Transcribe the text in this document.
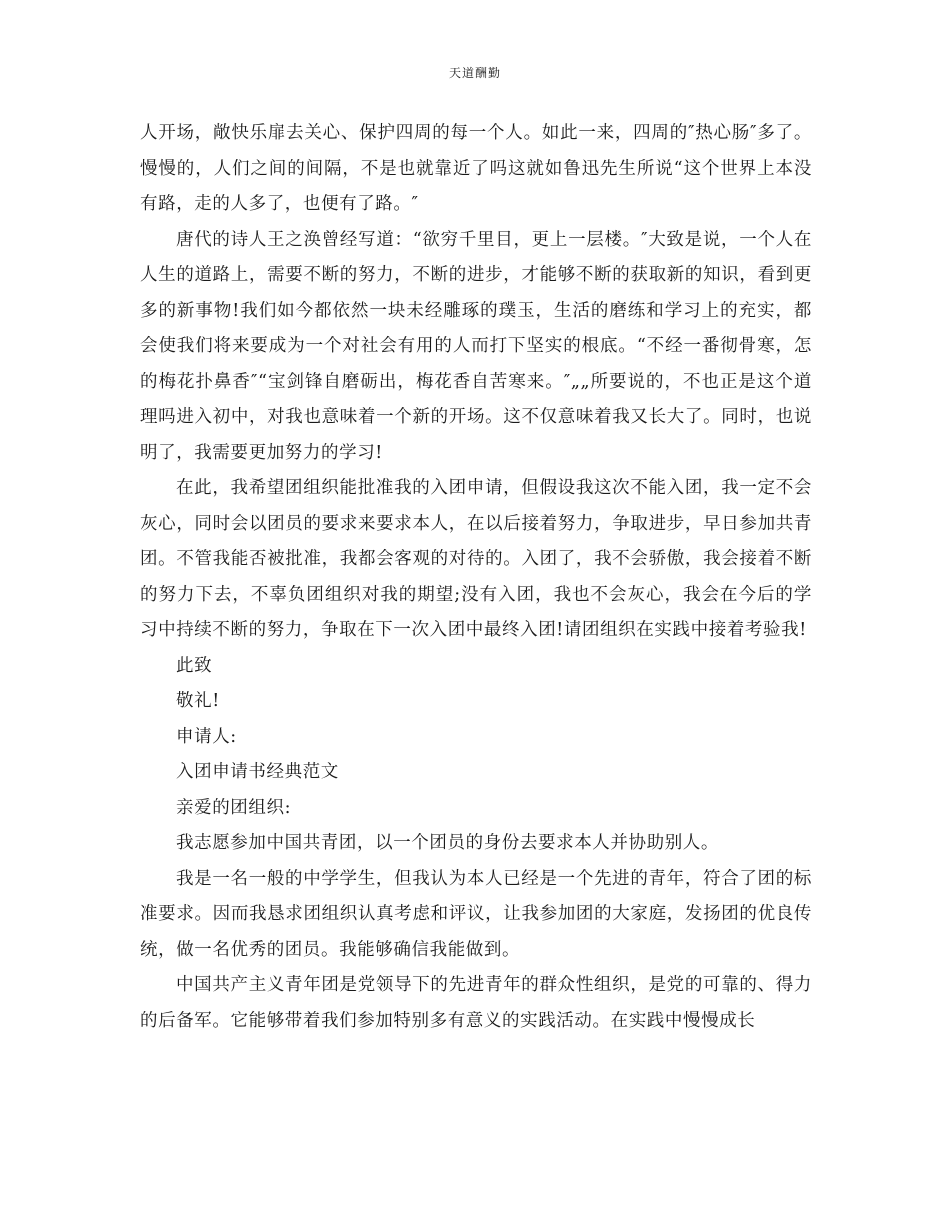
天道酬勤

人开场，敞快乐扉去关心、保护四周的每一个人。如此一来，四周的″热心肠″多了。慢慢的，人们之间的间隔，不是也就靠近了吗这就如鲁迅先生所说“这个世界上本没有路，走的人多了，也便有了路。″

唐代的诗人王之涣曾经写道：“欲穷千里目，更上一层楼。″大致是说，一个人在人生的道路上，需要不断的努力，不断的进步，才能够不断的获取新的知识，看到更多的新事物!我们如今都依然一块未经雕琢的璞玉，生活的磨练和学习上的充实，都会使我们将来要成为一个对社会有用的人而打下坚实的根底。“不经一番彻骨寒，怎的梅花扑鼻香″“宝剑锋自磨砺出，梅花香自苦寒来。″„„所要说的，不也正是这个道理吗进入初中，对我也意味着一个新的开场。这不仅意味着我又长大了。同时，也说明了，我需要更加努力的学习!

在此，我希望团组织能批准我的入团申请，但假设我这次不能入团，我一定不会灰心，同时会以团员的要求来要求本人，在以后接着努力，争取进步，早日参加共青团。不管我能否被批准，我都会客观的对待的。入团了，我不会骄傲，我会接着不断的努力下去，不辜负团组织对我的期望;没有入团，我也不会灰心，我会在今后的学习中持续不断的努力，争取在下一次入团中最终入团!请团组织在实践中接着考验我!

此致

敬礼!

申请人:

入团申请书经典范文

亲爱的团组织:

我志愿参加中国共青团，以一个团员的身份去要求本人并协助别人。

我是一名一般的中学学生，但我认为本人已经是一个先进的青年，符合了团的标准要求。因而我恳求团组织认真考虑和评议，让我参加团的大家庭，发扬团的优良传统，做一名优秀的团员。我能够确信我能做到。

中国共产主义青年团是党领导下的先进青年的群众性组织，是党的可靠的、得力的后备军。它能够带着我们参加特别多有意义的实践活动。在实践中慢慢成长
